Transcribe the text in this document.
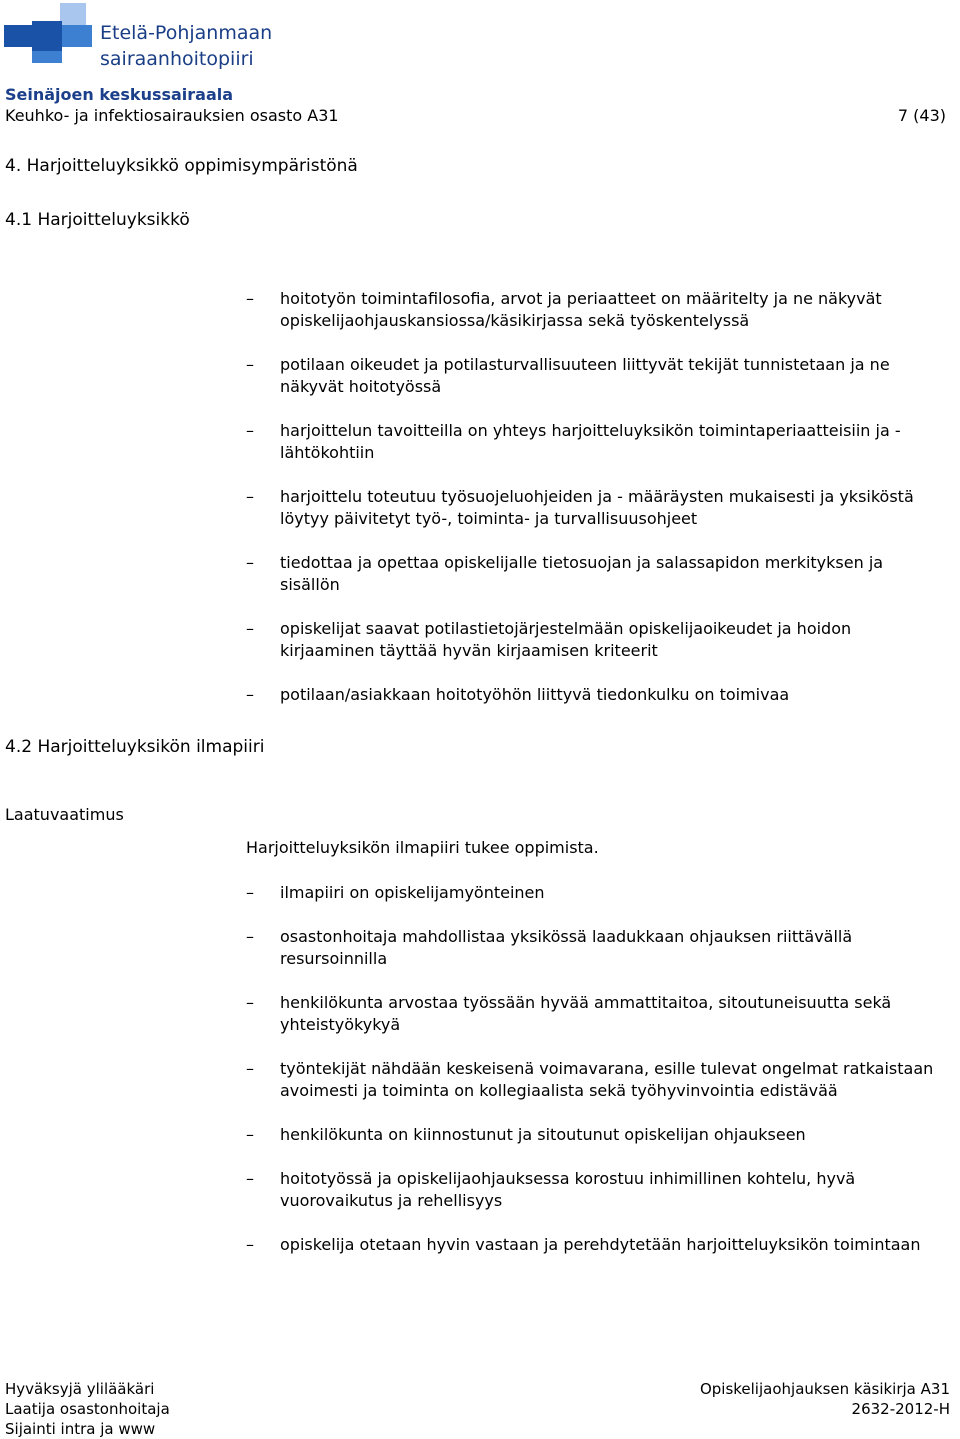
Etelä-Pohjanmaan
sairaanhoitopiiri
Seinäjoen keskussairaala
Keuhko- ja infektiosairauksien osasto A31	7 (43)
4. Harjoitteluyksikkö oppimisympäristönä
4.1 Harjoitteluyksikkö
– hoitotyön toimintafilosofia, arvot ja periaatteet on määritelty ja ne näkyvät opiskelijaohjauskansiossa/käsikirjassa sekä työskentelyssä
– potilaan oikeudet ja potilasturvallisuuteen liittyvät tekijät tunnistetaan ja ne näkyvät hoitotyössä
– harjoittelun tavoitteilla on yhteys harjoitteluyksikön toimintaperiaatteisiin ja - lähtökohtiin
– harjoittelu toteutuu työsuojeluohjeiden ja - määräysten mukaisesti ja yksiköstä löytyy päivitetyt työ-, toiminta- ja turvallisuusohjeet
– tiedottaa ja opettaa opiskelijalle tietosuojan ja salassapidon merkityksen ja sisällön
– opiskelijat saavat potilastietojärjestelmään opiskelijaoikeudet ja hoidon kirjaaminen täyttää hyvän kirjaamisen kriteerit
– potilaan/asiakkaan hoitotyöhön liittyvä tiedonkulku on toimivaa
4.2 Harjoitteluyksikön ilmapiiri
Laatuvaatimus
Harjoitteluyksikön ilmapiiri tukee oppimista.
– ilmapiiri on opiskelijamyönteinen
– osastonhoitaja mahdollistaa yksikössä laadukkaan ohjauksen riittävällä resursoinnilla
– henkilökunta arvostaa työssään hyvää ammattitaitoa, sitoutuneisuutta sekä yhteistyökykyä
– työntekijät nähdään keskeisenä voimavarana, esille tulevat ongelmat ratkaistaan avoimesti ja toiminta on kollegiaalista sekä työhyvinvointia edistävää
– henkilökunta on kiinnostunut ja sitoutunut opiskelijan ohjaukseen
– hoitotyössä ja opiskelijaohjauksessa korostuu inhimillinen kohtelu, hyvä vuorovaikutus ja rehellisyys
– opiskelija otetaan hyvin vastaan ja perehdytetään harjoitteluyksikön toimintaan
Hyväksyjä ylilääkäri
Laatija osastonhoitaja
Sijainti intra ja www
Opiskelijaohjauksen käsikirja A31
2632-2012-H
